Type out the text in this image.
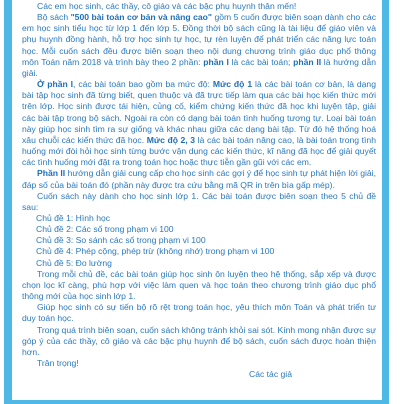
Các em học sinh, các thầy, cô giáo và các bậc phụ huynh thân mến!

Bộ sách "500 bài toán cơ bản và nâng cao" gồm 5 cuốn được biên soạn dành cho các em học sinh tiểu học từ lớp 1 đến lớp 5. Đồng thời bộ sách cũng là tài liệu để giáo viên và phụ huynh đồng hành, hỗ trợ học sinh tự học, tự rèn luyện để phát triển các năng lực toán học. Mỗi cuốn sách đều được biên soạn theo nội dung chương trình giáo dục phổ thông môn Toán năm 2018 và trình bày theo 2 phần: phần I là các bài toán; phần II là hướng dẫn giải.

Ở phần I, các bài toán bao gồm ba mức độ: Mức độ 1 là các bài toán cơ bản, là dạng bài tập học sinh đã từng biết, quen thuộc và đã trực tiếp làm qua các bài học kiến thức mới trên lớp. Học sinh được tái hiện, củng cố, kiểm chứng kiến thức đã học khi luyện tập, giải các bài tập trong bộ sách. Ngoài ra còn có dạng bài toán tình huống tương tự. Loại bài toán này giúp học sinh tìm ra sự giống và khác nhau giữa các dạng bài tập. Từ đó hệ thống hoá xâu chuỗi các kiến thức đã học. Mức độ 2, 3 là các bài toán nâng cao, là bài toán trong tình huống mới đòi hỏi học sinh từng bước vận dụng các kiến thức, kĩ năng đã học để giải quyết các tình huống mới đặt ra trong toán học hoặc thực tiễn gần gũi với các em.

Phần II hướng dẫn giải cung cấp cho học sinh các gợi ý để học sinh tự phát hiện lời giải, đáp số của bài toán đó (phần này được tra cứu bằng mã QR in trên bìa gấp mép).

Cuốn sách này dành cho học sinh lớp 1. Các bài toán được biên soạn theo 5 chủ đề sau:

Chủ đề 1: Hình học
Chủ đề 2: Các số trong phạm vi 100
Chủ đề 3: So sánh các số trong phạm vi 100
Chủ đề 4: Phép cộng, phép trừ (không nhớ) trong phạm vi 100
Chủ đề 5: Đo lường

Trong mỗi chủ đề, các bài toán giúp học sinh ôn luyện theo hệ thống, sắp xếp và được chọn lọc kĩ càng, phù hợp với việc làm quen và học toán theo chương trình giáo dục phổ thông mới của học sinh lớp 1.

Giúp học sinh có sự tiến bộ rõ rệt trong toán học, yêu thích môn Toán và phát triển tư duy toán học.

Trong quá trình biên soạn, cuốn sách không tránh khỏi sai sót. Kính mong nhận được sự góp ý của các thầy, cô giáo và các bậc phụ huynh để bộ sách, cuốn sách được hoàn thiện hơn.

Trân trọng!

Các tác giả
